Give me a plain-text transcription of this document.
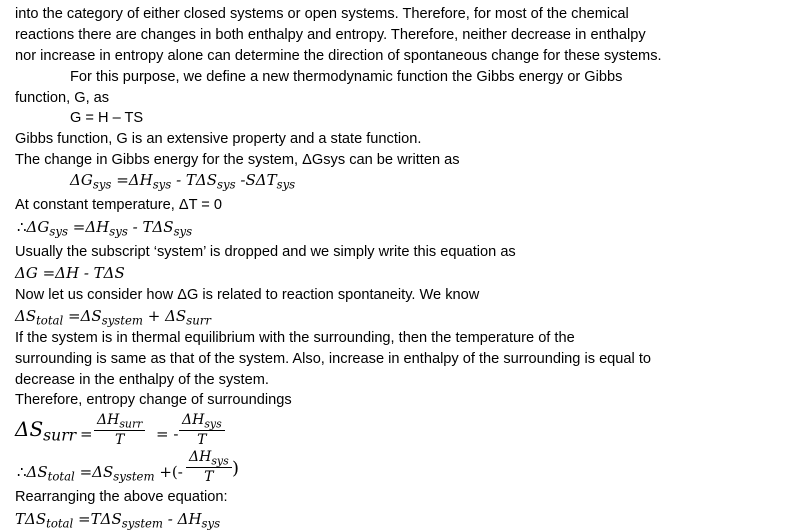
into the category of either closed systems or open systems. Therefore, for most of the chemical
reactions there are changes in both enthalpy and entropy. Therefore, neither decrease in enthalpy
nor increase in entropy alone can determine the direction of spontaneous change for these systems.
For this purpose, we define a new thermodynamic function the Gibbs energy or Gibbs
function, G, as
G = H – TS
Gibbs function, G is an extensive property and a state function.
The change in Gibbs energy for the system, ΔGsys can be written as
$\Delta G_{sys} =\Delta H_{sys} - T\Delta S_{sys}$ $-S\Delta T_{sys}$
At constant temperature, ΔT = 0
$\therefore\Delta G_{sys} =\Delta H_{sys} - T\Delta S_{sys}$
Usually the subscript ‘system’ is dropped and we simply write this equation as
ΔG =ΔH - TΔS
Now let us consider how ΔG is related to reaction spontaneity. We know
$\Delta S_{total} =\Delta S_{system} + \Delta S_{surr}$
If the system is in thermal equilibrium with the surrounding, then the temperature of the
surrounding is same as that of the system. Also, increase in enthalpy of the surrounding is equal to
decrease in the enthalpy of the system.
Therefore, entropy change of surroundings
$\Delta S_{surr}$ =
$\Delta H_{surr}$
T	= -
$\Delta H_{sys}$
T
$\therefore\Delta S_{total} =\Delta S_{system}$ +(-
$\Delta H_{sys}$
T	)
Rearranging the above equation:
$T\Delta S_{total} =T\Delta S_{system} - \Delta H_{sys}$
